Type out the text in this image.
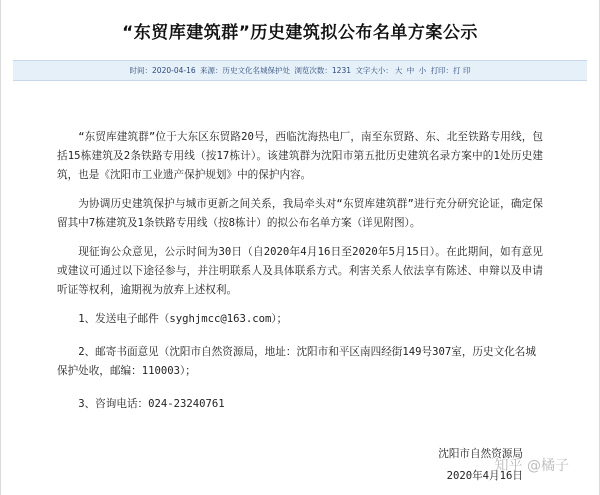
“东贸库建筑群”历史建筑拟公布名单方案公示
时间：2020-04-16 来源：历史文化名城保护处 浏览次数：1231 文字大小： 大 中 小 打印：打 印

“东贸库建筑群”位于大东区东贸路20号，西临沈海热电厂，南至东贸路、东、北至铁路专用线，包括15栋建筑及2条铁路专用线（按17栋计）。该建筑群为沈阳市第五批历史建筑名录方案中的1处历史建筑，也是《沈阳市工业遗产保护规划》中的保护内容。

为协调历史建筑保护与城市更新之间关系，我局牵头对“东贸库建筑群”进行充分研究论证，确定保留其中7栋建筑及1条铁路专用线（按8栋计）的拟公布名单方案（详见附图）。

现征询公众意见，公示时间为30日（自2020年4月16日至2020年5月15日）。在此期间，如有意见或建议可通过以下途径参与，并注明联系人及具体联系方式。利害关系人依法享有陈述、申辩以及申请听证等权利，逾期视为放弃上述权利。

1、发送电子邮件（syghjmcc@163.com）；

2、邮寄书面意见（沈阳市自然资源局，地址：沈阳市和平区南四经街149号307室，历史文化名城保护处收，邮编：110003）；

3、咨询电话：024-23240761

沈阳市自然资源局
2020年4月16日
知乎 @橘子
